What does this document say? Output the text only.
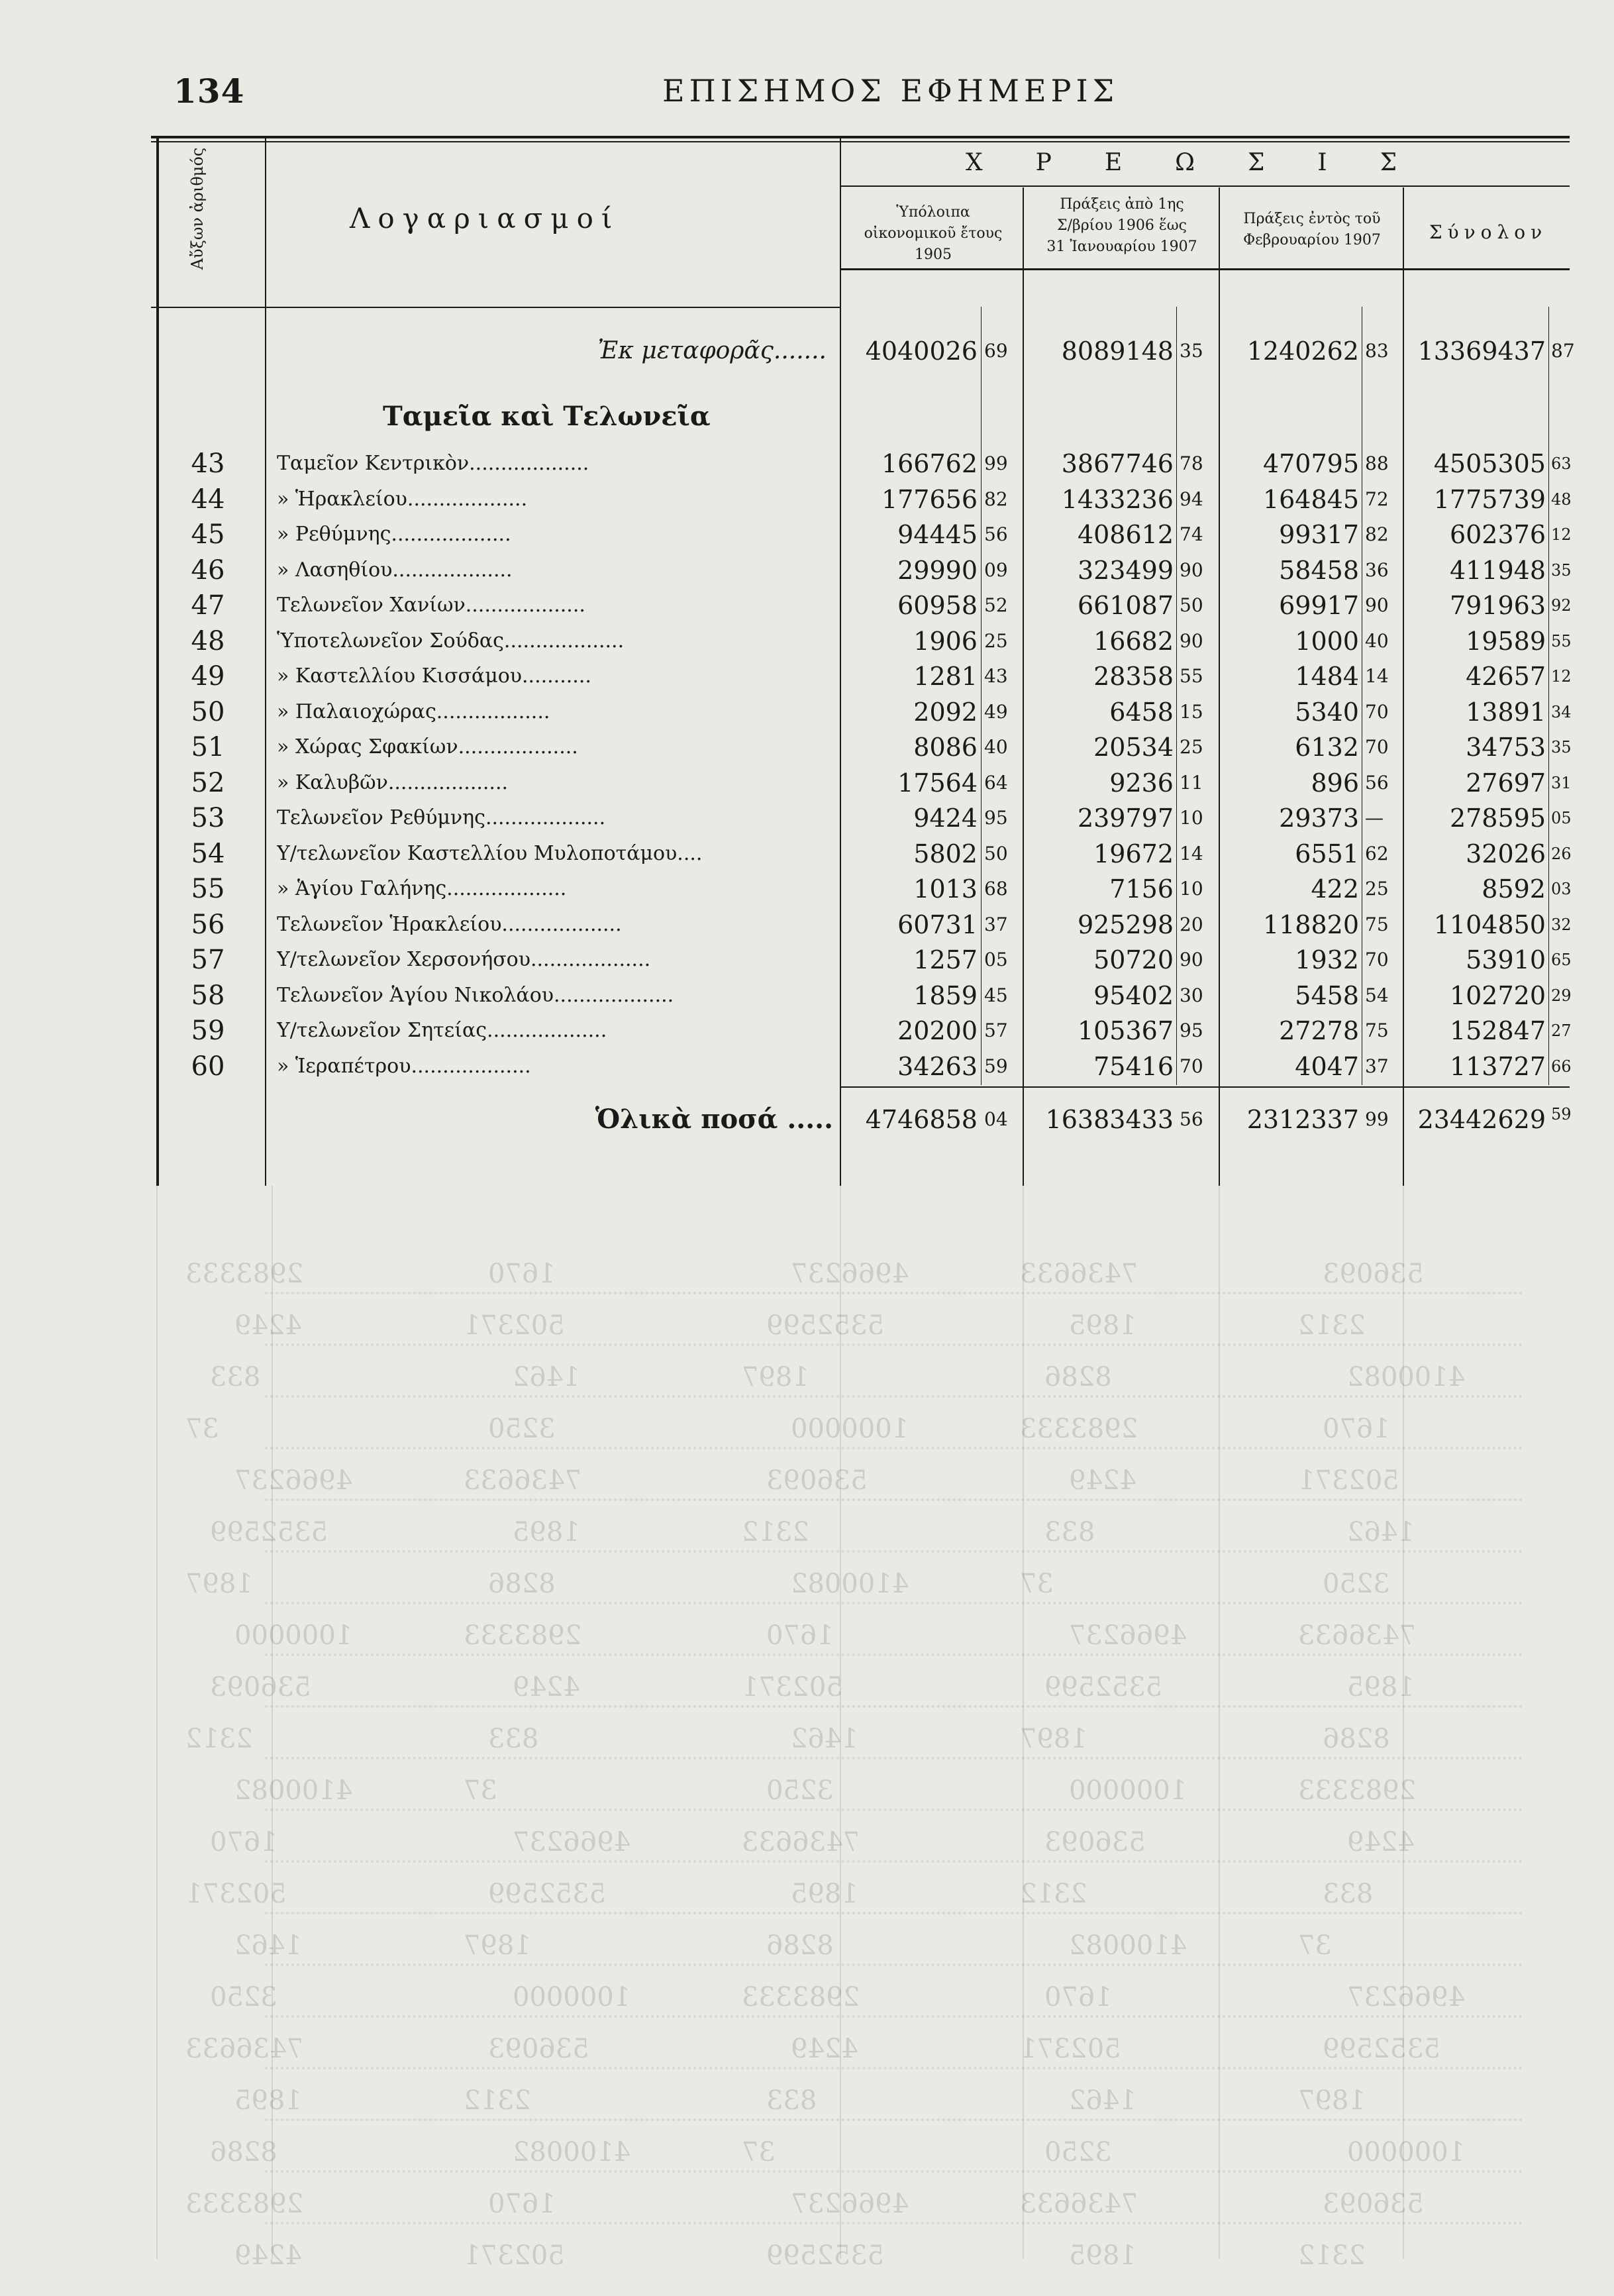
2983333	1670	4966237	7436633	536093
4249	502371	5352599	1895	2312
833	1462	1897	8286	4100082
37	3250	1000000	2983333	1670
4966237	7436633	536093	4249	502371
5352599	1895	2312	833	1462
1897	8286	4100082	37	3250
1000000	2983333	1670	4966237	7436633
536093	4249	502371	5352599	1895
2312	833	1462	1897	8286
4100082	37	3250	1000000	2983333
1670	4966237	7436633	536093	4249
502371	5352599	1895	2312	833
1462	1897	8286	4100082	37
3250	1000000	2983333	1670	4966237
7436633	536093	4249	502371	5352599
1895	2312	833	1462	1897
8286	4100082	37	3250	1000000
2983333	1670	4966237	7436633	536093
4249	502371	5352599	1895	2312
134	ΕΠΙΣΗΜΟΣ ΕΦΗΜΕΡΙΣ
Αὔξων ἀριθμός	Λογαριασμοί
ΧΡΕΩΣΙΣ
Ὑπόλοιπα
οἰκονομικοῦ ἔτους
1905
Πράξεις ἀπὸ 1ης
Σ/βρίου 1906 ἕως
31 Ἰανουαρίου 1907
Πράξεις ἐντὸς τοῦ
Φεβρουαρίου 1907	Σύνολον
Ἐκ μεταφορᾶς.......	4040026 69	8089148 35	1240262 83	13369437 87
Ταμεῖα καὶ Τελωνεῖα
43	Ταμεῖον Κεντρικὸν...................	166762 99	3867746 78	470795 88	4505305 63
44	» Ἡρακλείου...................	177656 82	1433236 94	164845 72	1775739 48
45	» Ρεθύμνης...................	94445 56	408612 74	99317 82	602376 12
46	» Λασηθίου...................	29990 09	323499 90	58458 36	411948 35
47	Τελωνεῖον Χανίων...................	60958 52	661087 50	69917 90	791963 92
48	Ὑποτελωνεῖον Σούδας...................	1906 25	16682 90	1000 40	19589 55
49	» Καστελλίου Κισσάμου...........	1281 43	28358 55	1484 14	42657 12
50	» Παλαιοχώρας..................	2092 49	6458 15	5340 70	13891 34
51	» Χώρας Σφακίων...................	8086 40	20534 25	6132 70	34753 35
52	» Καλυβῶν...................	17564 64	9236 11	896 56	27697 31
53	Τελωνεῖον Ρεθύμνης...................	9424 95	239797 10	29373 —	278595 05
54	Υ/τελωνεῖον Καστελλίου Μυλοποτάμου....	5802 50	19672 14	6551 62	32026 26
55	» Ἁγίου Γαλήνης...................	1013 68	7156 10	422 25	8592 03
56	Τελωνεῖον Ἡρακλείου...................	60731 37	925298 20	118820 75	1104850 32
57	Υ/τελωνεῖον Χερσονήσου...................	1257 05	50720 90	1932 70	53910 65
58	Τελωνεῖον Ἁγίου Νικολάου...................	1859 45	95402 30	5458 54	102720 29
59	Υ/τελωνεῖον Σητείας...................	20200 57	105367 95	27278 75	152847 27
60	» Ἱεραπέτρου...................	34263 59	75416 70	4047 37	113727 66
Ὁλικὰ ποσά .....	4746858 04	16383433 56	2312337 99	23442629 59
